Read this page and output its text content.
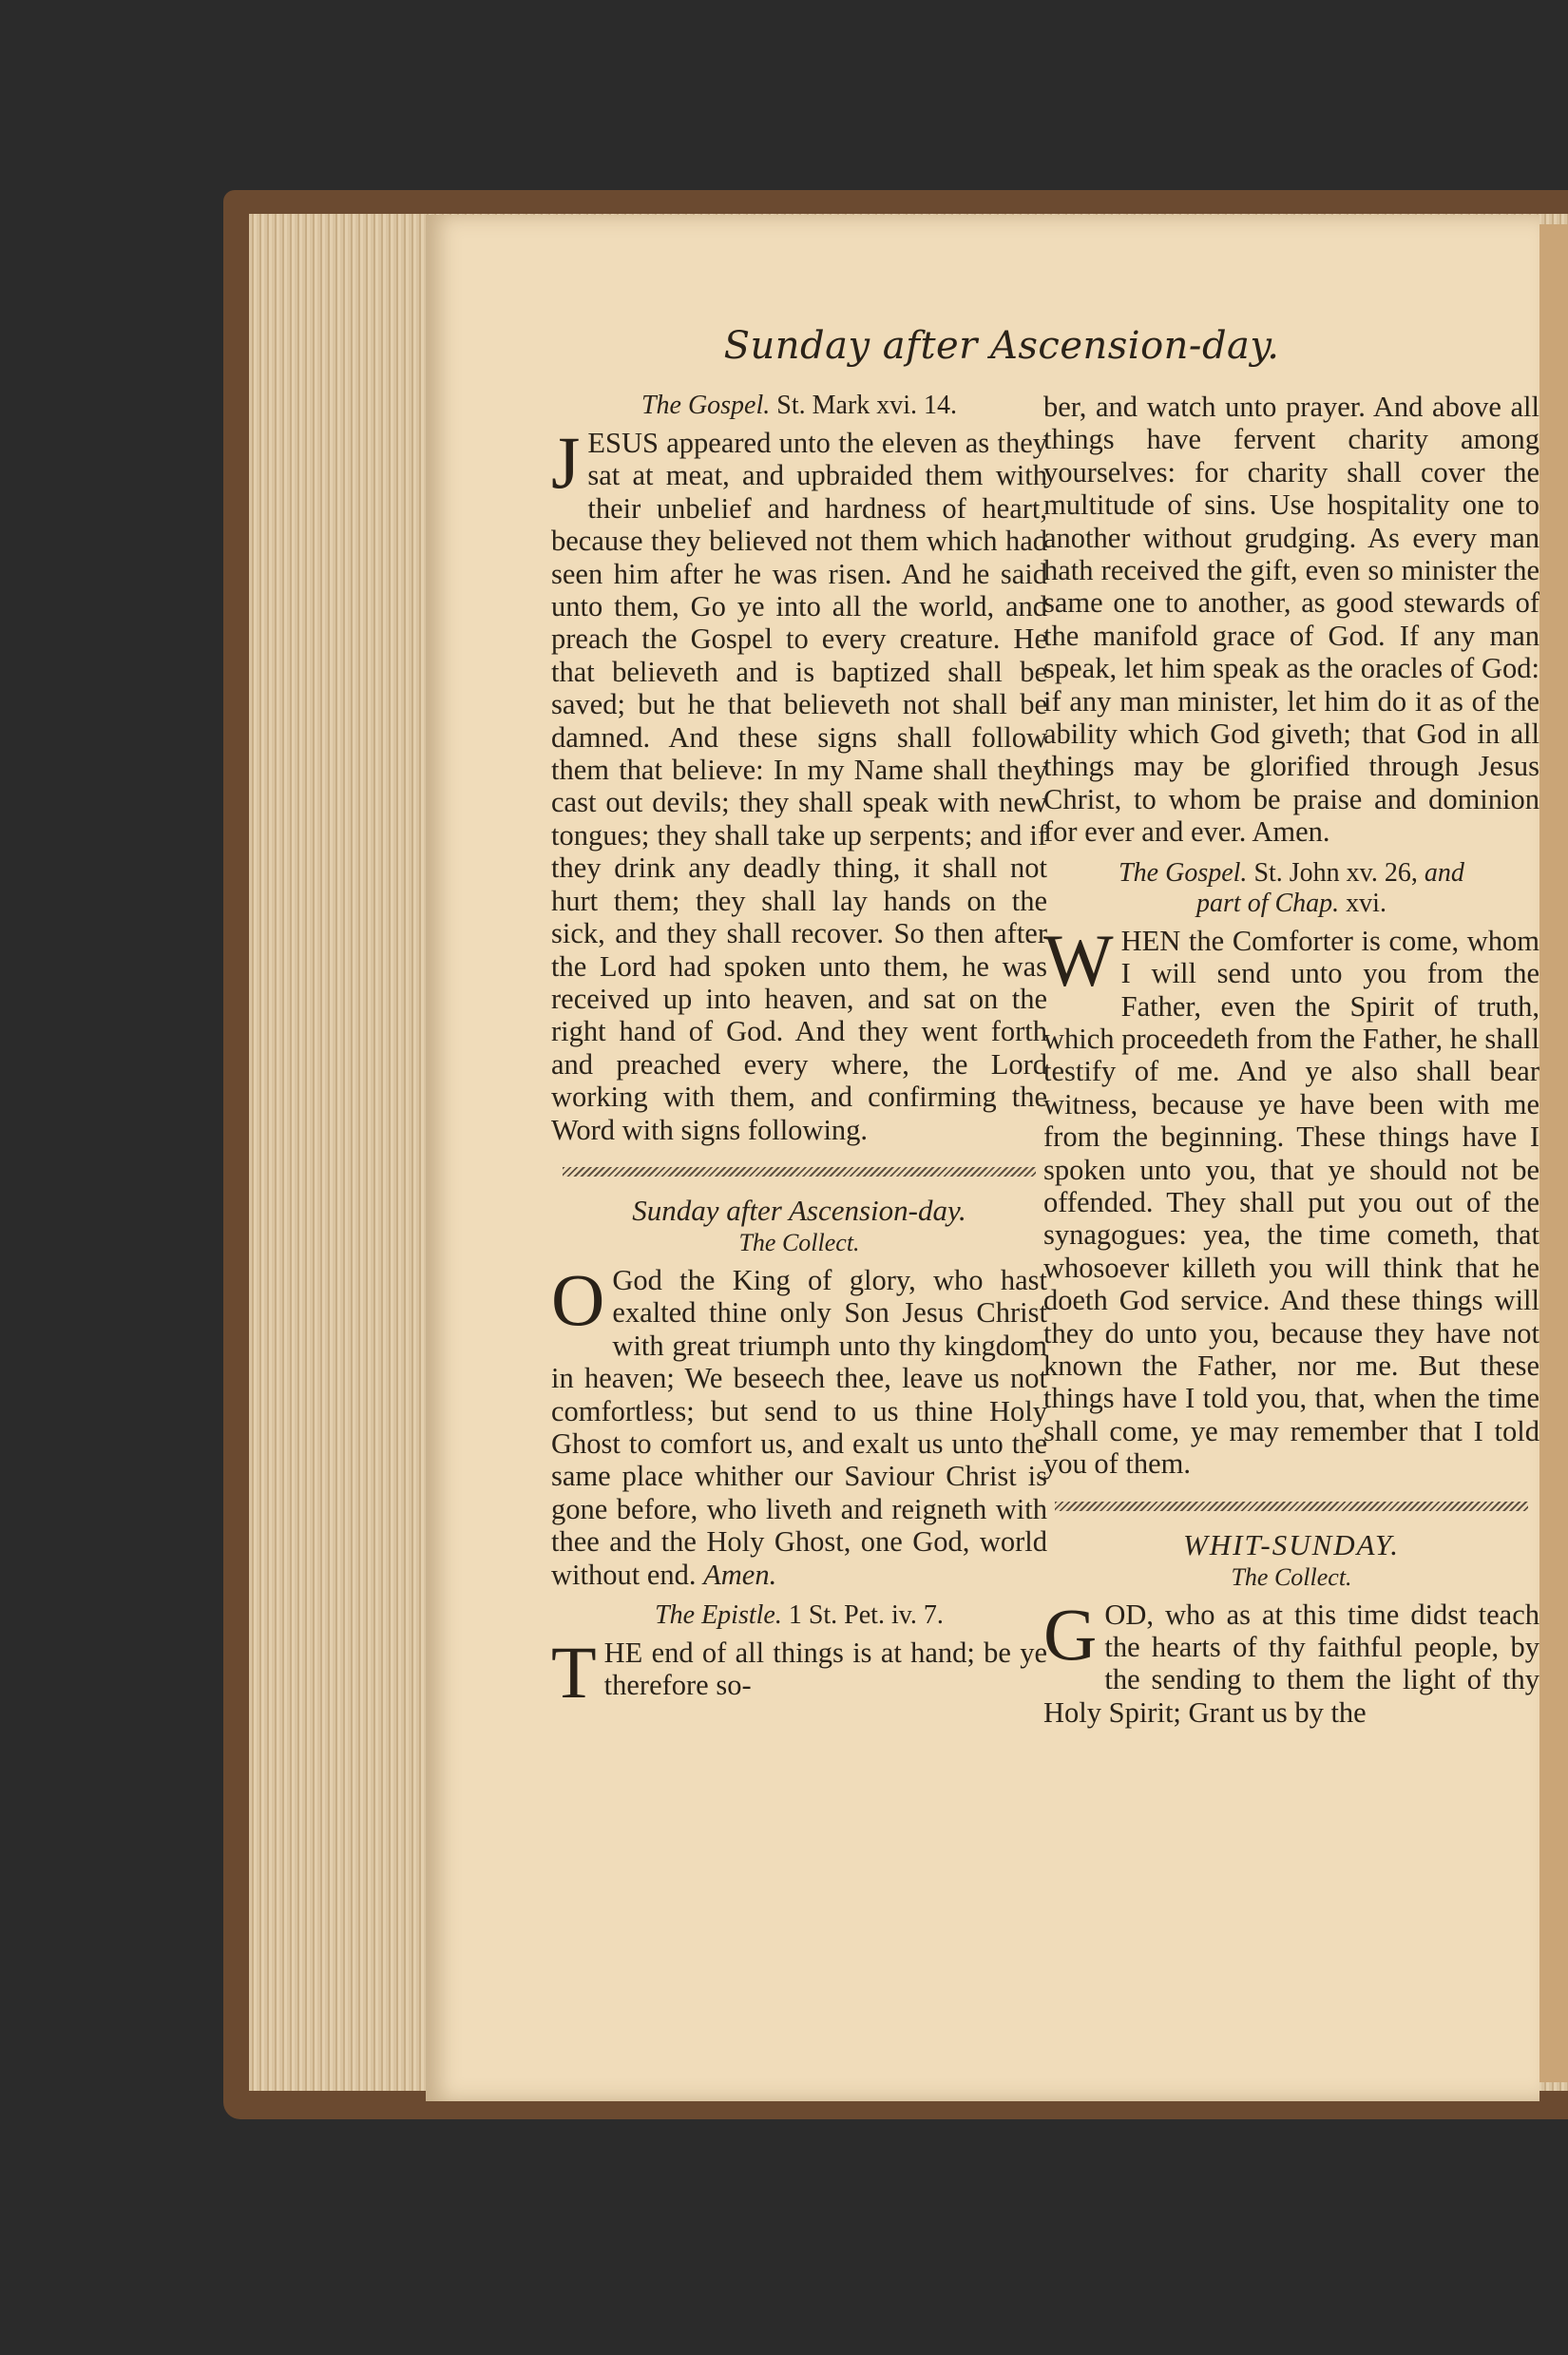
Sunday after Ascension-day.

The Gospel. St. Mark xvi. 14.

JESUS appeared unto the eleven as they sat at meat, and upbraided them with their unbelief and hardness of heart, because they believed not them which had seen him after he was risen. And he said unto them, Go ye into all the world, and preach the Gospel to every creature. He that believeth and is baptized shall be saved; but he that believeth not shall be damned. And these signs shall follow them that believe: In my Name shall they cast out devils; they shall speak with new tongues; they shall take up serpents; and if they drink any deadly thing, it shall not hurt them; they shall lay hands on the sick, and they shall recover. So then after the Lord had spoken unto them, he was received up into heaven, and sat on the right hand of God. And they went forth and preached every where, the Lord working with them, and confirming the Word with signs following.

Sunday after Ascension-day.

The Collect.

O God the King of glory, who hast exalted thine only Son Jesus Christ with great triumph unto thy kingdom in heaven; We beseech thee, leave us not comfortless; but send to us thine Holy Ghost to comfort us, and exalt us unto the same place whither our Saviour Christ is gone before, who liveth and reigneth with thee and the Holy Ghost, one God, world without end. Amen.

The Epistle. 1 St. Pet. iv. 7.

THE end of all things is at hand; be ye therefore so-

ber, and watch unto prayer. And above all things have fervent charity among yourselves: for charity shall cover the multitude of sins. Use hospitality one to another without grudging. As every man hath received the gift, even so minister the same one to another, as good stewards of the manifold grace of God. If any man speak, let him speak as the oracles of God: if any man minister, let him do it as of the ability which God giveth; that God in all things may be glorified through Jesus Christ, to whom be praise and dominion for ever and ever. Amen.

The Gospel. St. John xv. 26, and
part of Chap. xvi.

WHEN the Comforter is come, whom I will send unto you from the Father, even the Spirit of truth, which proceedeth from the Father, he shall testify of me. And ye also shall bear witness, because ye have been with me from the beginning. These things have I spoken unto you, that ye should not be offended. They shall put you out of the synagogues: yea, the time cometh, that whosoever killeth you will think that he doeth God service. And these things will they do unto you, because they have not known the Father, nor me. But these things have I told you, that, when the time shall come, ye may remember that I told you of them.

WHIT-SUNDAY.

The Collect.

GOD, who as at this time didst teach the hearts of thy faithful people, by the sending to them the light of thy Holy Spirit; Grant us by the
